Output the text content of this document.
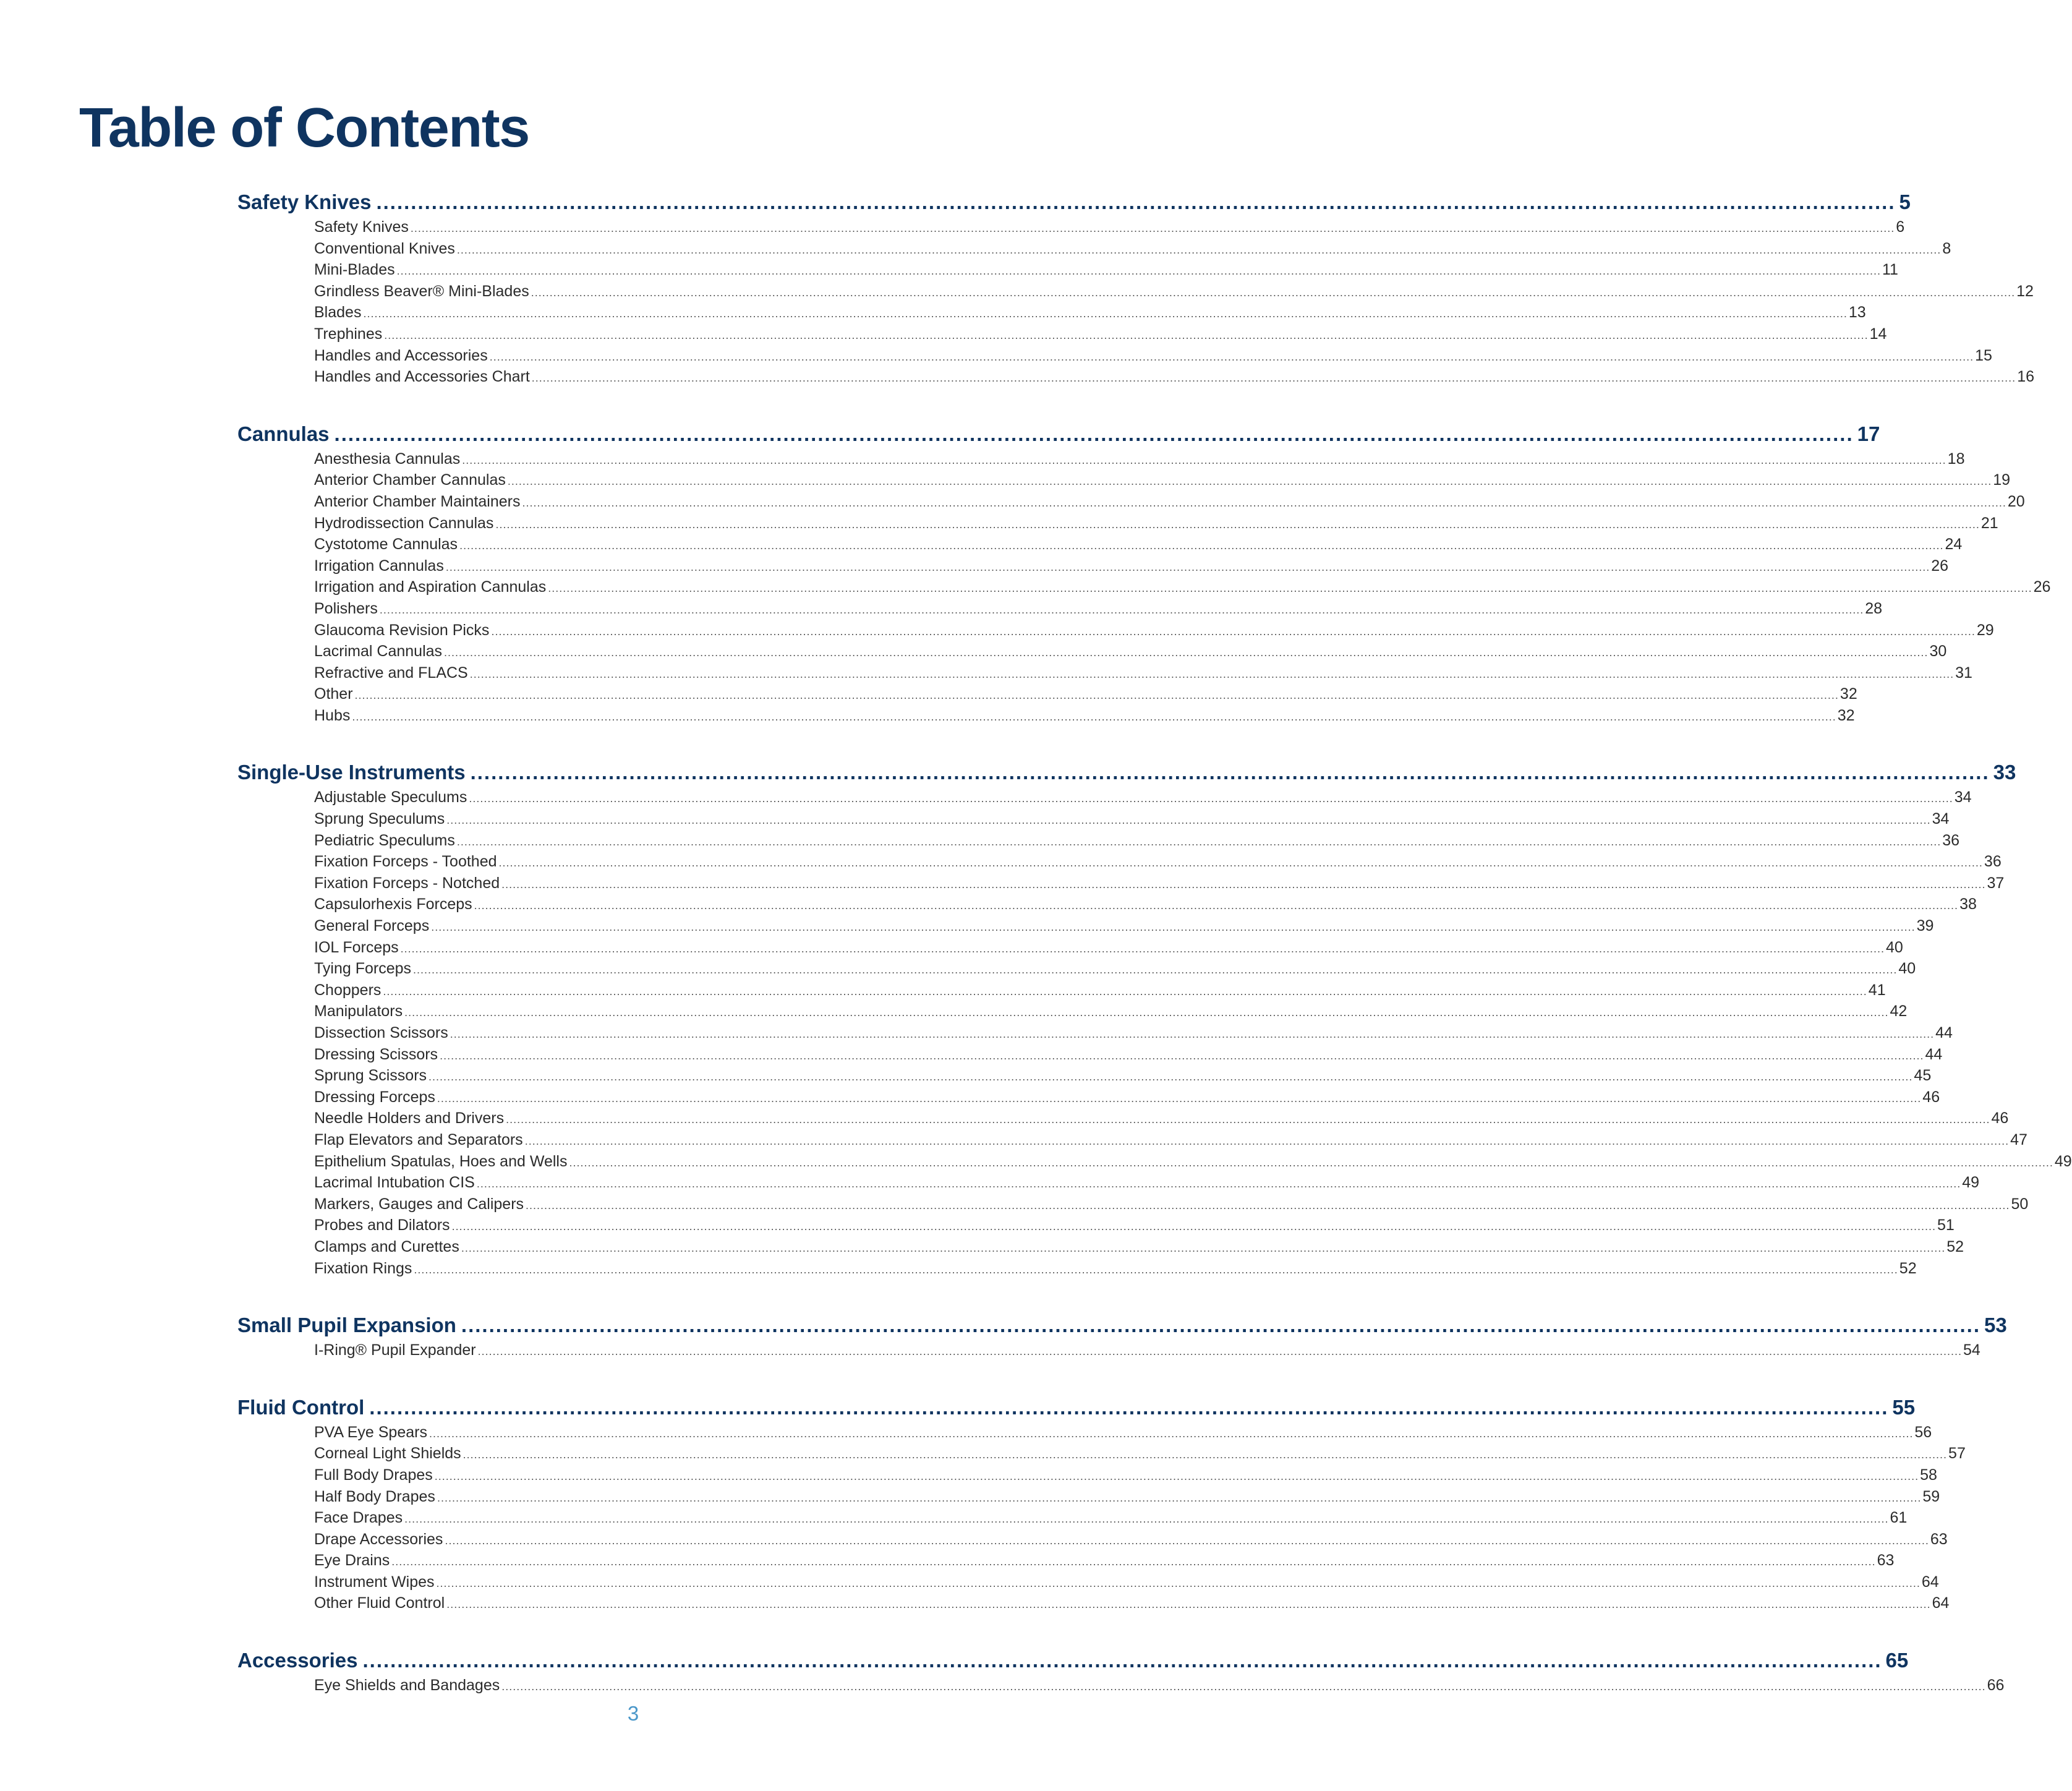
Table of Contents
Safety Knives ............................................................................................................................................................................................................................ 5
Safety Knives ................................................................................................................................................................................................................................................................................................................................................................................................................ 6
Conventional Knives ................................................................................................................................................................................................................................................................................................................................................................................................................ 8
Mini-Blades ................................................................................................................................................................................................................................................................................................................................................................................................................ 11
Grindless Beaver® Mini-Blades ................................................................................................................................................................................................................................................................................................................................................................................................................ 12
Blades ................................................................................................................................................................................................................................................................................................................................................................................................................ 13
Trephines ................................................................................................................................................................................................................................................................................................................................................................................................................ 14
Handles and Accessories ................................................................................................................................................................................................................................................................................................................................................................................................................ 15
Handles and Accessories Chart ................................................................................................................................................................................................................................................................................................................................................................................................................ 16
Cannulas ............................................................................................................................................................................................................................ 17
Anesthesia Cannulas ................................................................................................................................................................................................................................................................................................................................................................................................................ 18
Anterior Chamber Cannulas ................................................................................................................................................................................................................................................................................................................................................................................................................ 19
Anterior Chamber Maintainers ................................................................................................................................................................................................................................................................................................................................................................................................................ 20
Hydrodissection Cannulas ................................................................................................................................................................................................................................................................................................................................................................................................................ 21
Cystotome Cannulas ................................................................................................................................................................................................................................................................................................................................................................................................................ 24
Irrigation Cannulas ................................................................................................................................................................................................................................................................................................................................................................................................................ 26
Irrigation and Aspiration Cannulas ................................................................................................................................................................................................................................................................................................................................................................................................................ 26
Polishers ................................................................................................................................................................................................................................................................................................................................................................................................................ 28
Glaucoma Revision Picks ................................................................................................................................................................................................................................................................................................................................................................................................................ 29
Lacrimal Cannulas ................................................................................................................................................................................................................................................................................................................................................................................................................ 30
Refractive and FLACS ................................................................................................................................................................................................................................................................................................................................................................................................................ 31
Other ................................................................................................................................................................................................................................................................................................................................................................................................................ 32
Hubs ................................................................................................................................................................................................................................................................................................................................................................................................................ 32
Single-Use Instruments ............................................................................................................................................................................................................................ 33
Adjustable Speculums ................................................................................................................................................................................................................................................................................................................................................................................................................ 34
Sprung Speculums ................................................................................................................................................................................................................................................................................................................................................................................................................ 34
Pediatric Speculums ................................................................................................................................................................................................................................................................................................................................................................................................................ 36
Fixation Forceps - Toothed ................................................................................................................................................................................................................................................................................................................................................................................................................ 36
Fixation Forceps - Notched ................................................................................................................................................................................................................................................................................................................................................................................................................ 37
Capsulorhexis Forceps ................................................................................................................................................................................................................................................................................................................................................................................................................ 38
General Forceps ................................................................................................................................................................................................................................................................................................................................................................................................................ 39
IOL Forceps ................................................................................................................................................................................................................................................................................................................................................................................................................ 40
Tying Forceps ................................................................................................................................................................................................................................................................................................................................................................................................................ 40
Choppers ................................................................................................................................................................................................................................................................................................................................................................................................................ 41
Manipulators ................................................................................................................................................................................................................................................................................................................................................................................................................ 42
Dissection Scissors ................................................................................................................................................................................................................................................................................................................................................................................................................ 44
Dressing Scissors ................................................................................................................................................................................................................................................................................................................................................................................................................ 44
Sprung Scissors ................................................................................................................................................................................................................................................................................................................................................................................................................ 45
Dressing Forceps ................................................................................................................................................................................................................................................................................................................................................................................................................ 46
Needle Holders and Drivers ................................................................................................................................................................................................................................................................................................................................................................................................................ 46
Flap Elevators and Separators ................................................................................................................................................................................................................................................................................................................................................................................................................ 47
Epithelium Spatulas, Hoes and Wells ................................................................................................................................................................................................................................................................................................................................................................................................................ 49
Lacrimal Intubation CIS ................................................................................................................................................................................................................................................................................................................................................................................................................ 49
Markers, Gauges and Calipers ................................................................................................................................................................................................................................................................................................................................................................................................................ 50
Probes and Dilators ................................................................................................................................................................................................................................................................................................................................................................................................................ 51
Clamps and Curettes ................................................................................................................................................................................................................................................................................................................................................................................................................ 52
Fixation Rings ................................................................................................................................................................................................................................................................................................................................................................................................................ 52
Small Pupil Expansion ............................................................................................................................................................................................................................ 53
I-Ring® Pupil Expander ................................................................................................................................................................................................................................................................................................................................................................................................................ 54
Fluid Control ............................................................................................................................................................................................................................ 55
PVA Eye Spears ................................................................................................................................................................................................................................................................................................................................................................................................................ 56
Corneal Light Shields ................................................................................................................................................................................................................................................................................................................................................................................................................ 57
Full Body Drapes ................................................................................................................................................................................................................................................................................................................................................................................................................ 58
Half Body Drapes ................................................................................................................................................................................................................................................................................................................................................................................................................ 59
Face Drapes ................................................................................................................................................................................................................................................................................................................................................................................................................ 61
Drape Accessories ................................................................................................................................................................................................................................................................................................................................................................................................................ 63
Eye Drains ................................................................................................................................................................................................................................................................................................................................................................................................................ 63
Instrument Wipes ................................................................................................................................................................................................................................................................................................................................................................................................................ 64
Other Fluid Control ................................................................................................................................................................................................................................................................................................................................................................................................................ 64
Accessories ............................................................................................................................................................................................................................ 65
Eye Shields and Bandages ................................................................................................................................................................................................................................................................................................................................................................................................................ 66
3
